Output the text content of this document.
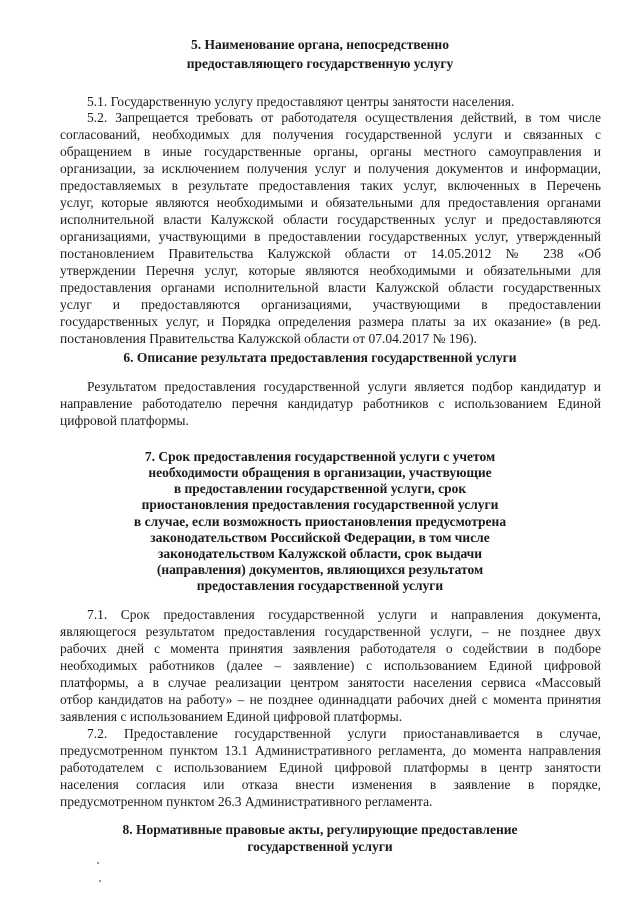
5. Наименование органа, непосредственно
предоставляющего государственную услугу
5.1. Государственную услугу предоставляют центры занятости населения.
5.2. Запрещается требовать от работодателя осуществления действий, в том числе
согласований, необходимых для получения государственной услуги и связанных с
обращением в иные государственные органы, органы местного самоуправления и
организации, за исключением получения услуг и получения документов и информации,
предоставляемых в результате предоставления таких услуг, включенных в Перечень
услуг, которые являются необходимыми и обязательными для предоставления органами
исполнительной власти Калужской области государственных услуг и предоставляются
организациями, участвующими в предоставлении государственных услуг, утвержденный
постановлением Правительства Калужской области от 14.05.2012 № 238 «Об
утверждении Перечня услуг, которые являются необходимыми и обязательными для
предоставления органами исполнительной власти Калужской области государственных
услуг и предоставляются организациями, участвующими в предоставлении
государственных услуг, и Порядка определения размера платы за их оказание» (в ред.
постановления Правительства Калужской области от 07.04.2017 № 196).
6. Описание результата предоставления государственной услуги
Результатом предоставления государственной услуги является подбор кандидатур и
направление работодателю перечня кандидатур работников с использованием Единой
цифровой платформы.
7. Срок предоставления государственной услуги с учетом
необходимости обращения в организации, участвующие
в предоставлении государственной услуги, срок
приостановления предоставления государственной услуги
в случае, если возможность приостановления предусмотрена
законодательством Российской Федерации, в том числе
законодательством Калужской области, срок выдачи
(направления) документов, являющихся результатом
предоставления государственной услуги
7.1. Срок предоставления государственной услуги и направления документа,
являющегося результатом предоставления государственной услуги, – не позднее двух
рабочих дней с момента принятия заявления работодателя о содействии в подборе
необходимых работников (далее – заявление) с использованием Единой цифровой
платформы, а в случае реализации центром занятости населения сервиса «Массовый
отбор кандидатов на работу» – не позднее одиннадцати рабочих дней с момента принятия
заявления с использованием Единой цифровой платформы.
7.2. Предоставление государственной услуги приостанавливается в случае,
предусмотренном пунктом 13.1 Административного регламента, до момента направления
работодателем с использованием Единой цифровой платформы в центр занятости
населения согласия или отказа внести изменения в заявление в порядке,
предусмотренном пунктом 26.3 Административного регламента.
8. Нормативные правовые акты, регулирующие предоставление
государственной услуги
